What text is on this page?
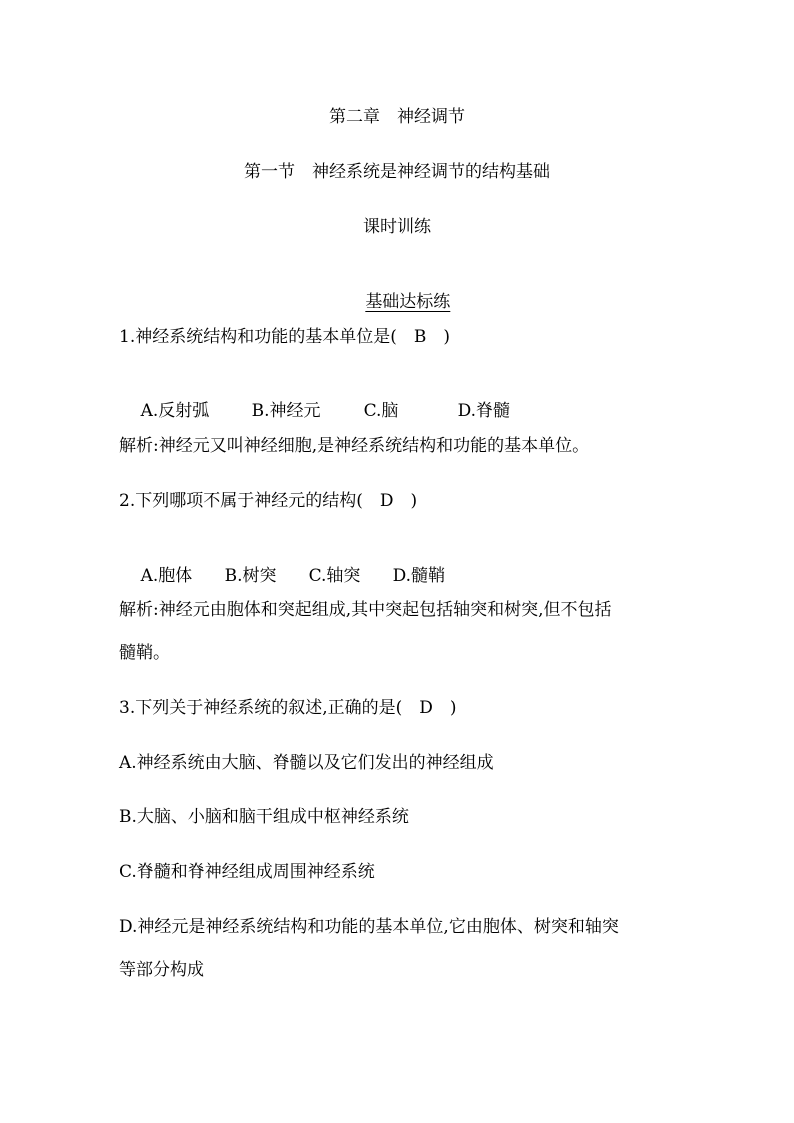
第二章　神经调节
第一节　神经系统是神经调节的结构基础
课时训练

基础达标练

1.神经系统结构和功能的基本单位是(　B　)

A.反射弧 B.神经元	C.脑	D.脊髓

解析:神经元又叫神经细胞,是神经系统结构和功能的基本单位。
2.下列哪项不属于神经元的结构(　D　)

A.胞体 B.树突 C.轴突 D.髓鞘

解析:神经元由胞体和突起组成,其中突起包括轴突和树突,但不包括
髓鞘。
3.下列关于神经系统的叙述,正确的是(　D　)
A.神经系统由大脑、脊髓以及它们发出的神经组成
B.大脑、小脑和脑干组成中枢神经系统
C.脊髓和脊神经组成周围神经系统
D.神经元是神经系统结构和功能的基本单位,它由胞体、树突和轴突
等部分构成
